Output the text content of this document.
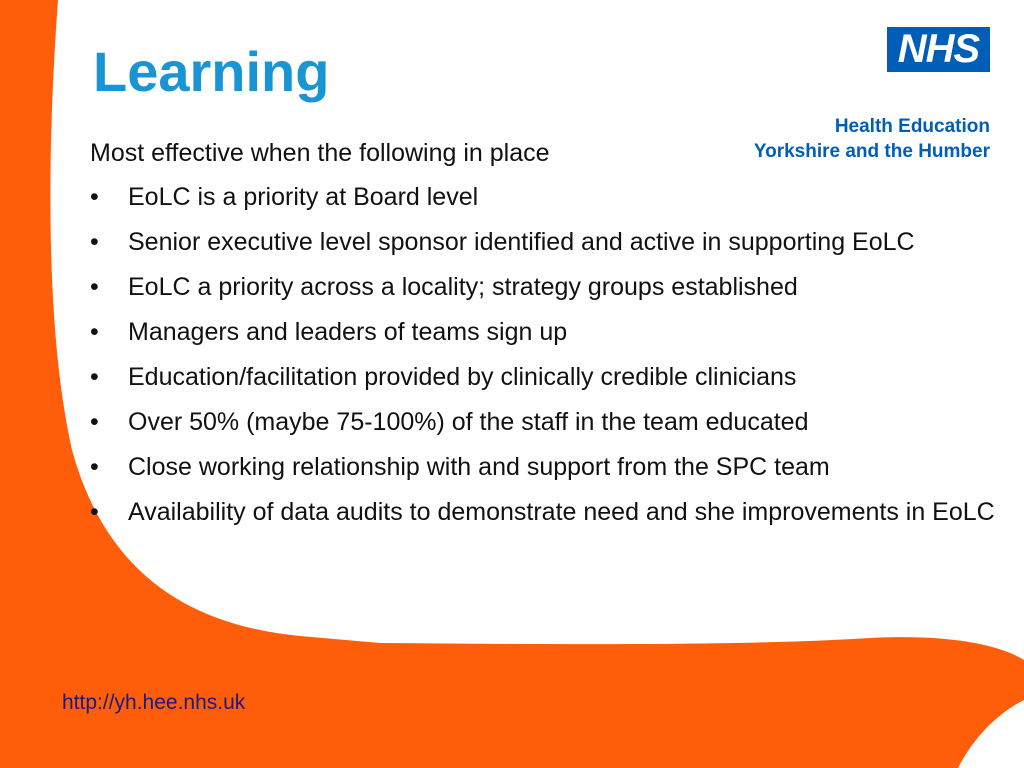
Learning	NHS
Health Education
Yorkshire and the Humber

Most effective when the following in place

•	EoLC is a priority at Board level
•	Senior executive level sponsor identified and active in supporting EoLC
•	EoLC a priority across a locality; strategy groups established
•	Managers and leaders of teams sign up
•	Education/facilitation provided by clinically credible clinicians
•	Over 50% (maybe 75-100%) of the staff in the team educated
•	Close working relationship with and support from the SPC team
•	Availability of data audits to demonstrate need and she improvements in EoLC
http://yh.hee.nhs.uk
